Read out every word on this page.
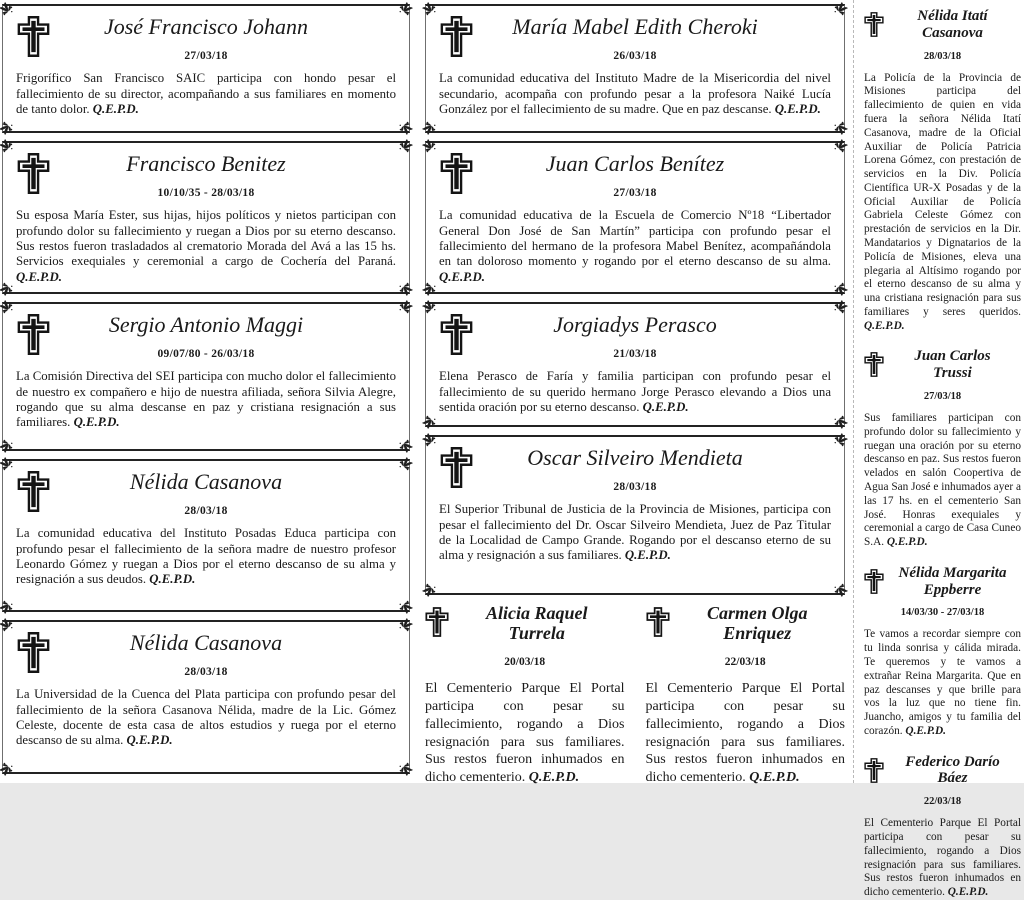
José Francisco Johann
27/03/18

Frigorífico San Francisco SAIC participa con hondo pesar el fallecimiento de su director, acompañando a sus familiares en momento de tanto dolor. Q.E.P.D.

Francisco Benitez
10/10/35 - 28/03/18

Su esposa María Ester, sus hijas, hijos políticos y nietos participan con profundo dolor su fallecimiento y ruegan a Dios por su eterno descanso. Sus restos fueron trasladados al crematorio Morada del Avá a las 15 hs. Servicios exequiales y ceremonial a cargo de Cochería del Paraná. Q.E.P.D.

Sergio Antonio Maggi
09/07/80 - 26/03/18

La Comisión Directiva del SEI participa con mucho dolor el fallecimiento de nuestro ex compañero e hijo de nuestra afiliada, señora Silvia Alegre, rogando que su alma descanse en paz y cristiana resignación a sus familiares. Q.E.P.D.

Nélida Casanova
28/03/18

La comunidad educativa del Instituto Posadas Educa participa con profundo pesar el fallecimiento de la señora madre de nuestro profesor Leonardo Gómez y ruegan a Dios por el eterno descanso de su alma y resignación a sus deudos. Q.E.P.D.

Nélida Casanova
28/03/18

La Universidad de la Cuenca del Plata participa con profundo pesar del fallecimiento de la señora Casanova Nélida, madre de la Lic. Gómez Celeste, docente de esta casa de altos estudios y ruega por el eterno descanso de su alma. Q.E.P.D.

María Mabel Edith Cheroki
26/03/18

La comunidad educativa del Instituto Madre de la Misericordia del nivel secundario, acompaña con profundo pesar a la profesora Naiké Lucía González por el fallecimiento de su madre. Que en paz descanse. Q.E.P.D.

Juan Carlos Benítez
27/03/18

La comunidad educativa de la Escuela de Comercio Nº18 “Libertador General Don José de San Martín” participa con profundo pesar el fallecimiento del hermano de la profesora Mabel Benítez, acompañándola en tan doloroso momento y rogando por el eterno descanso de su alma. Q.E.P.D.

Jorgiadys Perasco
21/03/18

Elena Perasco de Faría y familia participan con profundo pesar el fallecimiento de su querido hermano Jorge Perasco elevando a Dios una sentida oración por su eterno descanso. Q.E.P.D.

Oscar Silveiro Mendieta
28/03/18

El Superior Tribunal de Justicia de la Provincia de Misiones, participa con pesar el fallecimiento del Dr. Oscar Silveiro Mendieta, Juez de Paz Titular de la Localidad de Campo Grande. Rogando por el descanso eterno de su alma y resignación a sus familiares. Q.E.P.D.

Alicia Raquel
Turrela
20/03/18

El Cementerio Parque El Portal participa con pesar su fallecimiento, rogando a Dios resignación para sus familiares. Sus restos fueron inhumados en dicho cementerio. Q.E.P.D.

Carmen Olga
Enriquez
22/03/18

El Cementerio Parque El Portal participa con pesar su fallecimiento, rogando a Dios resignación para sus familiares. Sus restos fueron inhumados en dicho cementerio. Q.E.P.D.

Nélida Itatí
Casanova
28/03/18

La Policía de la Provincia de Misiones participa del fallecimiento de quien en vida fuera la señora Nélida Itatí Casanova, madre de la Oficial Auxiliar de Policía Patricia Lorena Gómez, con prestación de servicios en la Div. Policía Científica UR-X Posadas y de la Oficial Auxiliar de Policía Gabriela Celeste Gómez con prestación de servicios en la Dir. Mandatarios y Dignatarios de la Policía de Misiones, eleva una plegaria al Altísimo rogando por el eterno descanso de su alma y una cristiana resignación para sus familiares y seres queridos. Q.E.P.D.

Juan Carlos
Trussi
27/03/18

Sus familiares participan con profundo dolor su fallecimiento y ruegan una oración por su eterno descanso en paz. Sus restos fueron velados en salón Coopertiva de Agua San José e inhumados ayer a las 17 hs. en el cementerio San José. Honras exequiales y ceremonial a cargo de Casa Cuneo S.A. Q.E.P.D.

Nélida Margarita
Eppberre
14/03/30 - 27/03/18

Te vamos a recordar siempre con tu linda sonrisa y cálida mirada. Te queremos y te vamos a extrañar Reina Margarita. Que en paz descanses y que brille para vos la luz que no tiene fin. Juancho, amigos y tu familia del corazón. Q.E.P.D.

Federico Darío
Báez
22/03/18

El Cementerio Parque El Portal participa con pesar su fallecimiento, rogando a Dios resignación para sus familiares. Sus restos fueron inhumados en dicho cementerio. Q.E.P.D.
